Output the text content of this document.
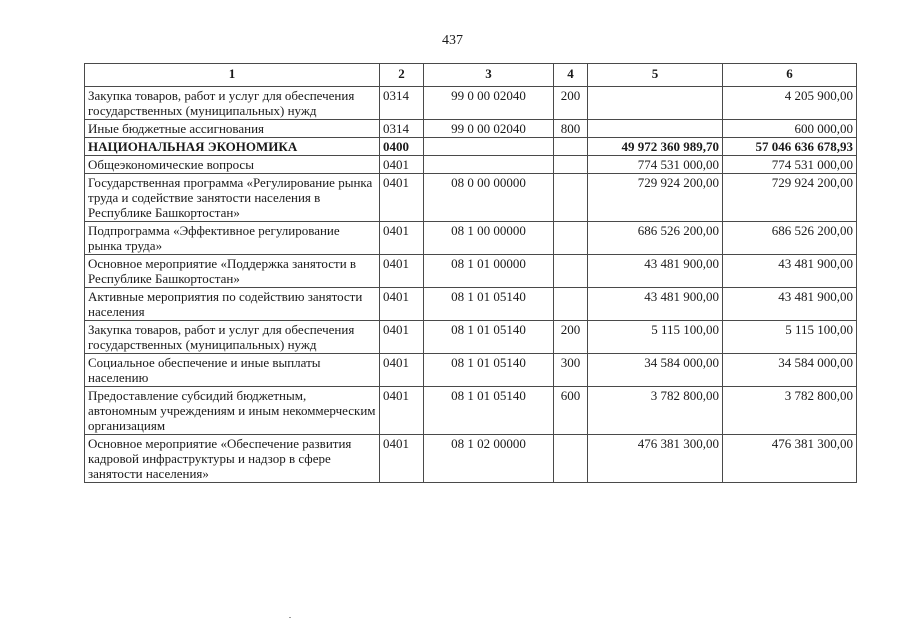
437
1	2	3	4	5	6
Закупка товаров, работ и услуг для обеспечения государственных (муниципальных) нужд	0314	99 0 00 02040	200		4 205 900,00
Иные бюджетные ассигнования	0314	99 0 00 02040	800		600 000,00
НАЦИОНАЛЬНАЯ ЭКОНОМИКА	0400			49 972 360 989,70	57 046 636 678,93
Общеэкономические вопросы	0401			774 531 000,00	774 531 000,00
Государственная программа «Регулирование рынка труда и содействие занятости населения в Республике Башкортостан»	0401	08 0 00 00000		729 924 200,00	729 924 200,00
Подпрограмма «Эффективное регулирование рынка труда»	0401	08 1 00 00000		686 526 200,00	686 526 200,00
Основное мероприятие «Поддержка занятости в Республике Башкортостан»	0401	08 1 01 00000		43 481 900,00	43 481 900,00
Активные мероприятия по содействию занятости населения	0401	08 1 01 05140		43 481 900,00	43 481 900,00
Закупка товаров, работ и услуг для обеспечения государственных (муниципальных) нужд	0401	08 1 01 05140	200	5 115 100,00	5 115 100,00
Социальное обеспечение и иные выплаты населению	0401	08 1 01 05140	300	34 584 000,00	34 584 000,00
Предоставление субсидий бюджетным, автономным учреждениям и иным некоммерческим организациям	0401	08 1 01 05140	600	3 782 800,00	3 782 800,00
Основное мероприятие «Обеспечение развития кадровой инфраструктуры и надзор в сфере занятости населения»	0401	08 1 02 00000		476 381 300,00	476 381 300,00
